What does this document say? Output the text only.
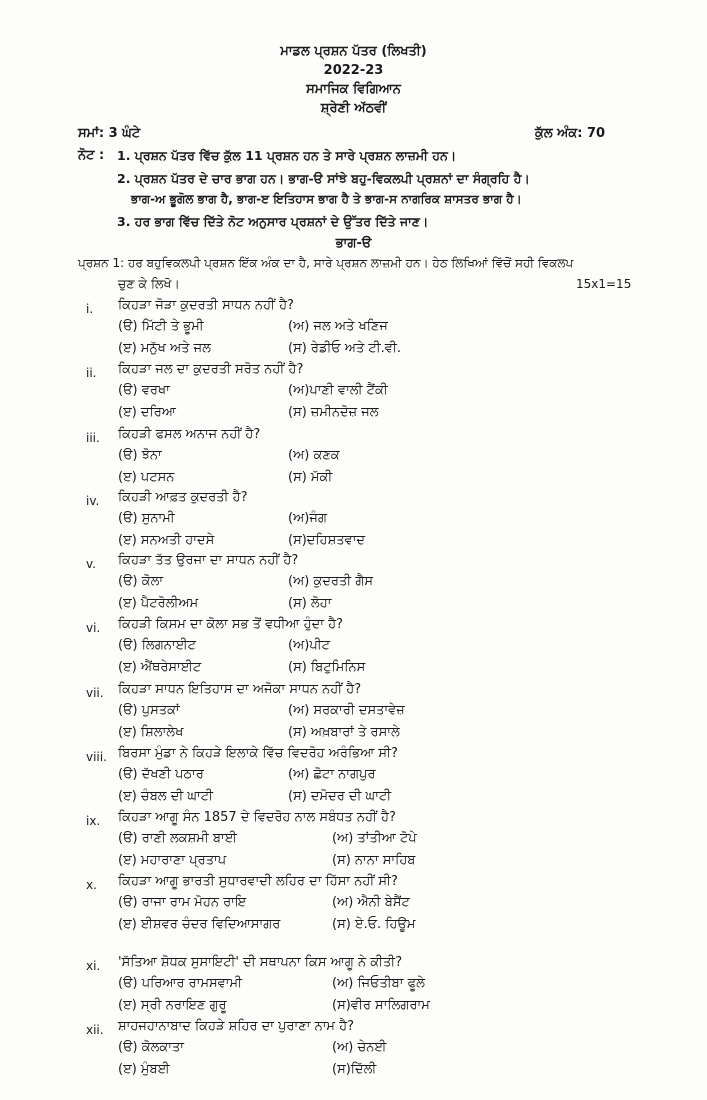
ਮਾਡਲ ਪ੍ਰਸ਼ਨ ਪੱਤਰ (ਲਿਖਤੀ)
2022-23
ਸਮਾਜਿਕ ਵਿਗਿਆਨ
ਸ਼੍ਰੇਣੀ ਅੱਠਵੀਂ
ਸਮਾਂ: 3 ਘੰਟੇ	ਕੁੱਲ ਅੰਕ: 70
ਨੋਟ : 1. ਪ੍ਰਸ਼ਨ ਪੱਤਰ ਵਿੱਚ ਕੁੱਲ 11 ਪ੍ਰਸ਼ਨ ਹਨ ਤੇ ਸਾਰੇ ਪ੍ਰਸ਼ਨ ਲਾਜ਼ਮੀ ਹਨ।
2. ਪ੍ਰਸ਼ਨ ਪੱਤਰ ਦੇ ਚਾਰ ਭਾਗ ਹਨ। ਭਾਗ-ੳ ਸਾਂਝੇ ਬਹੁ-ਵਿਕਲਪੀ ਪ੍ਰਸ਼ਨਾਂ ਦਾ ਸੰਗ੍ਰਹਿ ਹੈ।
ਭਾਗ-ਅ ਭੂਗੋਲ ਭਾਗ ਹੈ, ਭਾਗ-ੲ ਇਤਿਹਾਸ ਭਾਗ ਹੈ ਤੇ ਭਾਗ-ਸ ਨਾਗਰਿਕ ਸ਼ਾਸਤਰ ਭਾਗ ਹੈ।
3. ਹਰ ਭਾਗ ਵਿੱਚ ਦਿੱਤੇ ਨੋਟ ਅਨੁਸਾਰ ਪ੍ਰਸ਼ਨਾਂ ਦੇ ਉੱਤਰ ਦਿੱਤੇ ਜਾਣ।
ਭਾਗ-ੳ
ਪ੍ਰਸ਼ਨ 1: ਹਰ ਬਹੁਵਿਕਲਪੀ ਪ੍ਰਸ਼ਨ ਇੱਕ ਅੰਕ ਦਾ ਹੈ, ਸਾਰੇ ਪ੍ਰਸ਼ਨ ਲਾਜ਼ਮੀ ਹਨ। ਹੇਠ ਲਿਖਿਆਂ ਵਿੱਚੋਂ ਸਹੀ ਵਿਕਲਪ
ਚੁਣ ਕੇ ਲਿਖੋ।	15x1=15
i. ਕਿਹੜਾ ਜੋੜਾ ਕੁਦਰਤੀ ਸਾਧਨ ਨਹੀਂ ਹੈ?
(ੳ) ਮਿੱਟੀ ਤੇ ਭੂਮੀ	(ਅ) ਜਲ ਅਤੇ ਖਣਿਜ
(ੲ) ਮਨੁੱਖ ਅਤੇ ਜਲ	(ਸ) ਰੇਡੀਓ ਅਤੇ ਟੀ.ਵੀ.
ii. ਕਿਹੜਾ ਜਲ ਦਾ ਕੁਦਰਤੀ ਸਰੋਤ ਨਹੀਂ ਹੈ?
(ੳ) ਵਰਖਾ	(ਅ)ਪਾਣੀ ਵਾਲੀ ਟੈਂਕੀ
(ੲ) ਦਰਿਆ	(ਸ) ਜ਼ਮੀਨਦੋਜ਼ ਜਲ
iii. ਕਿਹੜੀ ਫਸਲ ਅਨਾਜ ਨਹੀਂ ਹੈ?
(ੳ) ਝੋਨਾ	(ਅ) ਕਣਕ
(ੲ) ਪਟਸਨ	(ਸ) ਮੱਕੀ
iv. ਕਿਹੜੀ ਆਫ਼ਤ ਕੁਦਰਤੀ ਹੈ?
(ੳ) ਸੁਨਾਮੀ	(ਅ)ਜੰਗ
(ੲ) ਸਨਅਤੀ ਹਾਦਸੇ	(ਸ)ਦਹਿਸ਼ਤਵਾਦ
v. ਕਿਹੜਾ ਤੱਤ ਉਰਜਾ ਦਾ ਸਾਧਨ ਨਹੀਂ ਹੈ?
(ੳ) ਕੋਲਾ	(ਅ) ਕੁਦਰਤੀ ਗੈਸ
(ੲ) ਪੈਟਰੋਲੀਅਮ	(ਸ) ਲੋਹਾ
vi. ਕਿਹੜੀ ਕਿਸਮ ਦਾ ਕੋਲਾ ਸਭ ਤੋਂ ਵਧੀਆ ਹੁੰਦਾ ਹੈ?
(ੳ) ਲਿਗਨਾਈਟ	(ਅ)ਪੀਟ
(ੲ) ਐਂਥਰੇਸਾਈਟ	(ਸ) ਬਿਟੁਮਿਨਿਸ
vii. ਕਿਹੜਾ ਸਾਧਨ ਇਤਿਹਾਸ ਦਾ ਅਜੋਕਾ ਸਾਧਨ ਨਹੀਂ ਹੈ?
(ੳ) ਪੁਸਤਕਾਂ	(ਅ) ਸਰਕਾਰੀ ਦਸਤਾਵੇਜ਼
(ੲ) ਸ਼ਿਲਾਲੇਖ	(ਸ) ਅਖ਼ਬਾਰਾਂ ਤੇ ਰਸਾਲੇ
viii. ਬਿਰਸਾ ਮੁੰਡਾ ਨੇ ਕਿਹੜੇ ਇਲਾਕੇ ਵਿੱਚ ਵਿਦਰੋਹ ਅਰੰਭਿਆ ਸੀ?
(ੳ) ਦੱਖਣੀ ਪਠਾਰ	(ਅ) ਛੋਟਾ ਨਾਗਪੁਰ
(ੲ) ਚੰਬਲ ਦੀ ਘਾਟੀ	(ਸ) ਦਮੋਦਰ ਦੀ ਘਾਟੀ
ix. ਕਿਹੜਾ ਆਗੂ ਸੰਨ 1857 ਦੇ ਵਿਦਰੋਹ ਨਾਲ ਸਬੰਧਤ ਨਹੀਂ ਹੈ?
(ੳ) ਰਾਣੀ ਲਕਸ਼ਮੀ ਬਾਈ	(ਅ) ਤਾਂਤੀਆ ਟੋਪੇ
(ੲ) ਮਹਾਰਾਣਾ ਪ੍ਰਤਾਪ	(ਸ) ਨਾਨਾ ਸਾਹਿਬ
x. ਕਿਹੜਾ ਆਗੂ ਭਾਰਤੀ ਸੁਧਾਰਵਾਦੀ ਲਹਿਰ ਦਾ ਹਿੱਸਾ ਨਹੀਂ ਸੀ?
(ੳ) ਰਾਜਾ ਰਾਮ ਮੋਹਨ ਰਾਇ	(ਅ) ਐਨੀ ਬੇਸੈਂਟ
(ੲ) ਈਸ਼ਵਰ ਚੰਦਰ ਵਿਦਿਆਸਾਗਰ	(ਸ) ਏ.ਓ. ਹਿਊਮ
xi. 'ਸੱਤਿਆ ਸ਼ੋਧਕ ਸੁਸਾਇਟੀ' ਦੀ ਸਥਾਪਨਾ ਕਿਸ ਆਗੂ ਨੇ ਕੀਤੀ?
(ੳ) ਪਰਿਆਰ ਰਾਮਸਵਾਮੀ	(ਅ) ਜਿਓਤੀਬਾ ਫੂਲੇ
(ੲ) ਸ੍ਰੀ ਨਰਾਇਣ ਗੁਰੂ	(ਸ)ਵੀਰ ਸਾਲਿਗਰਾਮ
xii. ਸ਼ਾਹਜਹਾਨਾਬਾਦ ਕਿਹੜੇ ਸ਼ਹਿਰ ਦਾ ਪੁਰਾਣਾ ਨਾਮ ਹੈ?
(ੳ) ਕੋਲਕਾਤਾ	(ਅ) ਚੇਨਈ
(ੲ) ਮੁੰਬਈ	(ਸ)ਦਿੱਲੀ
